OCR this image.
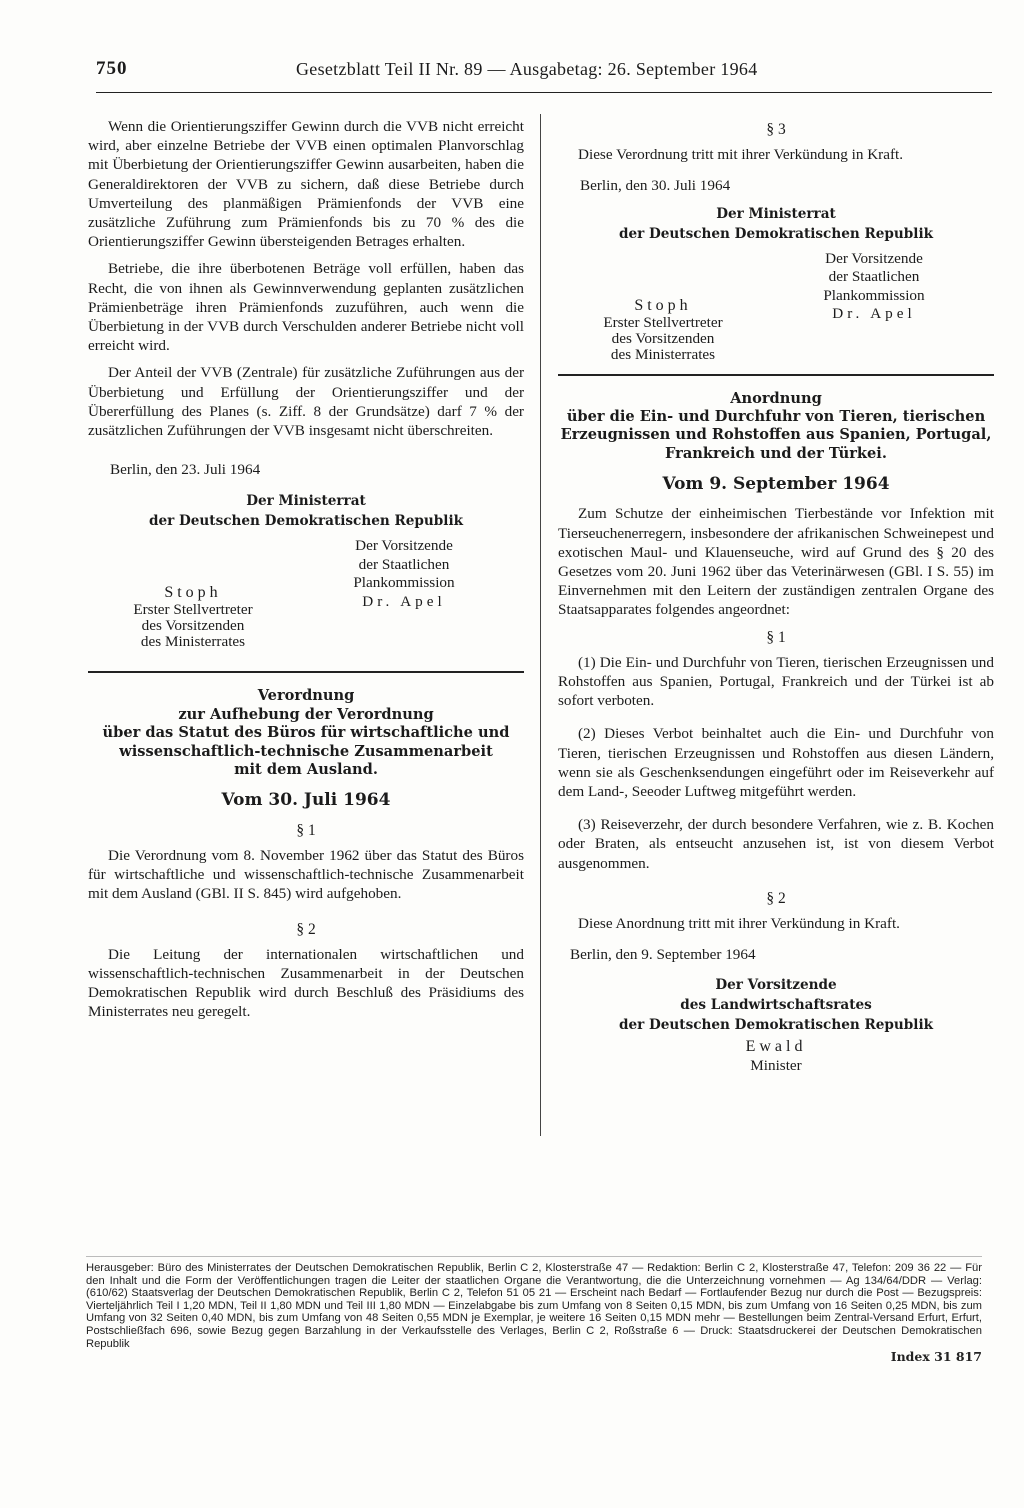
750	Gesetzblatt Teil II Nr. 89 — Ausgabetag: 26. September 1964

Wenn die Orientierungsziffer Gewinn durch die VVB nicht erreicht wird, aber einzelne Betriebe der VVB einen optimalen Planvorschlag mit Überbietung der Orientierungsziffer Gewinn ausarbeiten, haben die Generaldirektoren der VVB zu sichern, daß diese Betriebe durch Umverteilung des planmäßigen Prämienfonds der VVB eine zusätzliche Zuführung zum Prämienfonds bis zu 70 % des die Orientierungsziffer Gewinn übersteigenden Betrages erhalten.

Betriebe, die ihre überbotenen Beträge voll erfüllen, haben das Recht, die von ihnen als Gewinnverwendung geplanten zusätzlichen Prämienbeträge ihren Prämienfonds zuzuführen, auch wenn die Überbietung in der VVB durch Verschulden anderer Betriebe nicht voll erreicht wird.

Der Anteil der VVB (Zentrale) für zusätzliche Zuführungen aus der Überbietung und Erfüllung der Orientierungsziffer und der Übererfüllung des Planes (s. Ziff. 8 der Grundsätze) darf 7 % der zusätzlichen Zuführungen der VVB insgesamt nicht überschreiten.

Berlin, den 23. Juli 1964

Der Ministerrat
der Deutschen Demokratischen Republik
Der Vorsitzende
der Staatlichen
Plankommission
Dr. Apel
Stoph
Erster Stellvertreter
des Vorsitzenden
des Ministerrates
Verordnung
zur Aufhebung der Verordnung
über das Statut des Büros für wirtschaftliche und
wissenschaftlich-technische Zusammenarbeit
mit dem Ausland.
Vom 30. Juli 1964
§ 1

Die Verordnung vom 8. November 1962 über das Statut des Büros für wirtschaftliche und wissenschaftlich-technische Zusammenarbeit mit dem Ausland (GBl. II S. 845) wird aufgehoben.

§ 2

Die Leitung der internationalen wirtschaftlichen und wissenschaftlich-technischen Zusammenarbeit in der Deutschen Demokratischen Republik wird durch Beschluß des Präsidiums des Ministerrates neu geregelt.

§ 3

Diese Verordnung tritt mit ihrer Verkündung in Kraft.

Berlin, den 30. Juli 1964

Der Ministerrat
der Deutschen Demokratischen Republik
Der Vorsitzende
der Staatlichen
Plankommission
Dr. Apel
Stoph
Erster Stellvertreter
des Vorsitzenden
des Ministerrates
Anordnung
über die Ein- und Durchfuhr von Tieren, tierischen
Erzeugnissen und Rohstoffen aus Spanien, Portugal,
Frankreich und der Türkei.
Vom 9. September 1964

Zum Schutze der einheimischen Tierbestände vor Infektion mit Tierseuchenerregern, insbesondere der afrikanischen Schweinepest und exotischen Maul- und Klauenseuche, wird auf Grund des § 20 des Gesetzes vom 20. Juni 1962 über das Veterinärwesen (GBl. I S. 55) im Einvernehmen mit den Leitern der zuständigen zentralen Organe des Staatsapparates folgendes angeordnet:

§ 1

(1) Die Ein- und Durchfuhr von Tieren, tierischen Erzeugnissen und Rohstoffen aus Spanien, Portugal, Frankreich und der Türkei ist ab sofort verboten.

(2) Dieses Verbot beinhaltet auch die Ein- und Durchfuhr von Tieren, tierischen Erzeugnissen und Rohstoffen aus diesen Ländern, wenn sie als Geschenksendungen eingeführt oder im Reiseverkehr auf dem Land-, Seeoder Luftweg mitgeführt werden.

(3) Reiseverzehr, der durch besondere Verfahren, wie z. B. Kochen oder Braten, als entseucht anzusehen ist, ist von diesem Verbot ausgenommen.

§ 2

Diese Anordnung tritt mit ihrer Verkündung in Kraft.

Berlin, den 9. September 1964

Der Vorsitzende
des Landwirtschaftsrates
der Deutschen Demokratischen Republik
Ewald
Minister
Herausgeber: Büro des Ministerrates der Deutschen Demokratischen Republik, Berlin C 2, Klosterstraße 47 — Redaktion: Berlin C 2, Klosterstraße 47, Telefon: 209 36 22 — Für den Inhalt und die Form der Veröffentlichungen tragen die Leiter der staatlichen Organe die Verantwortung, die die Unterzeichnung vornehmen — Ag 134/64/DDR — Verlag: (610/62) Staatsverlag der Deutschen Demokratischen Republik, Berlin C 2, Telefon 51 05 21 — Erscheint nach Bedarf — Fortlaufender Bezug nur durch die Post — Bezugspreis: Vierteljährlich Teil I 1,20 MDN, Teil II 1,80 MDN und Teil III 1,80 MDN — Einzelabgabe bis zum Umfang von 8 Seiten 0,15 MDN, bis zum Umfang von 16 Seiten 0,25 MDN, bis zum Umfang von 32 Seiten 0,40 MDN, bis zum Umfang von 48 Seiten 0,55 MDN je Exemplar, je weitere 16 Seiten 0,15 MDN mehr — Bestellungen beim Zentral-Versand Erfurt, Erfurt, Postschließfach 696, sowie Bezug gegen Barzahlung in der Verkaufsstelle des Verlages, Berlin C 2, Roßstraße 6 — Druck: Staatsdruckerei der Deutschen Demokratischen Republik
Index 31 817
